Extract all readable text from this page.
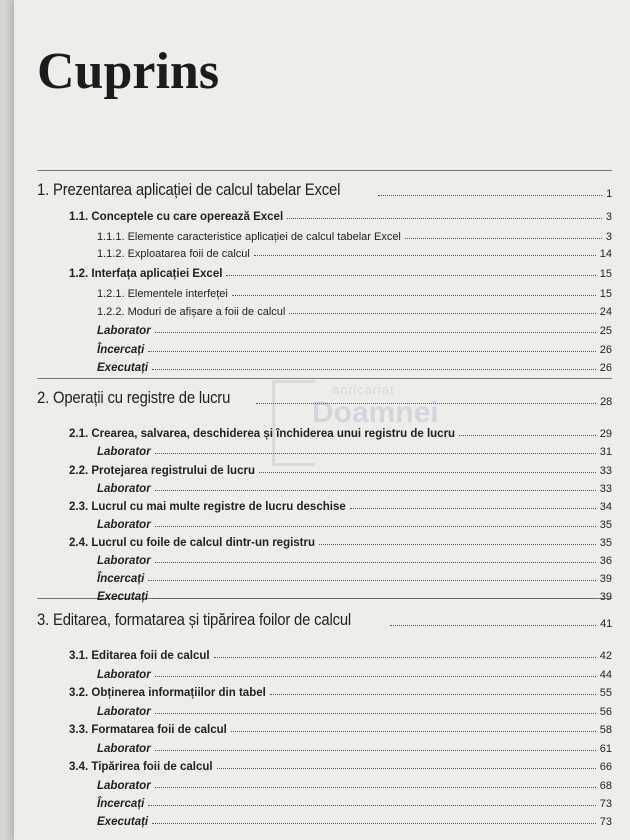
Cuprins
anticariat
Doamnei
1. Prezentarea aplicației de calcul tabelar Excel	1
1.1. Conceptele cu care operează Excel	3
1.1.1. Elemente caracteristice aplicației de calcul tabelar Excel	3
1.1.2. Exploatarea foii de calcul	14
1.2. Interfața aplicației Excel	15
1.2.1. Elementele interfeței	15
1.2.2. Moduri de afișare a foii de calcul	24
Laborator	25
Încercați	26
Executați	26
2. Operații cu registre de lucru	28
2.1. Crearea, salvarea, deschiderea și închiderea unui registru de lucru	29
Laborator	31
2.2. Protejarea registrului de lucru	33
Laborator	33
2.3. Lucrul cu mai multe registre de lucru deschise	34
Laborator	35
2.4. Lucrul cu foile de calcul dintr-un registru	35
Laborator	36
Încercați	39
Executați	39
3. Editarea, formatarea și tipărirea foilor de calcul	41
3.1. Editarea foii de calcul	42
Laborator	44
3.2. Obținerea informațiilor din tabel	55
Laborator	56
3.3. Formatarea foii de calcul	58
Laborator	61
3.4. Tipărirea foii de calcul	66
Laborator	68
Încercați	73
Executați	73
